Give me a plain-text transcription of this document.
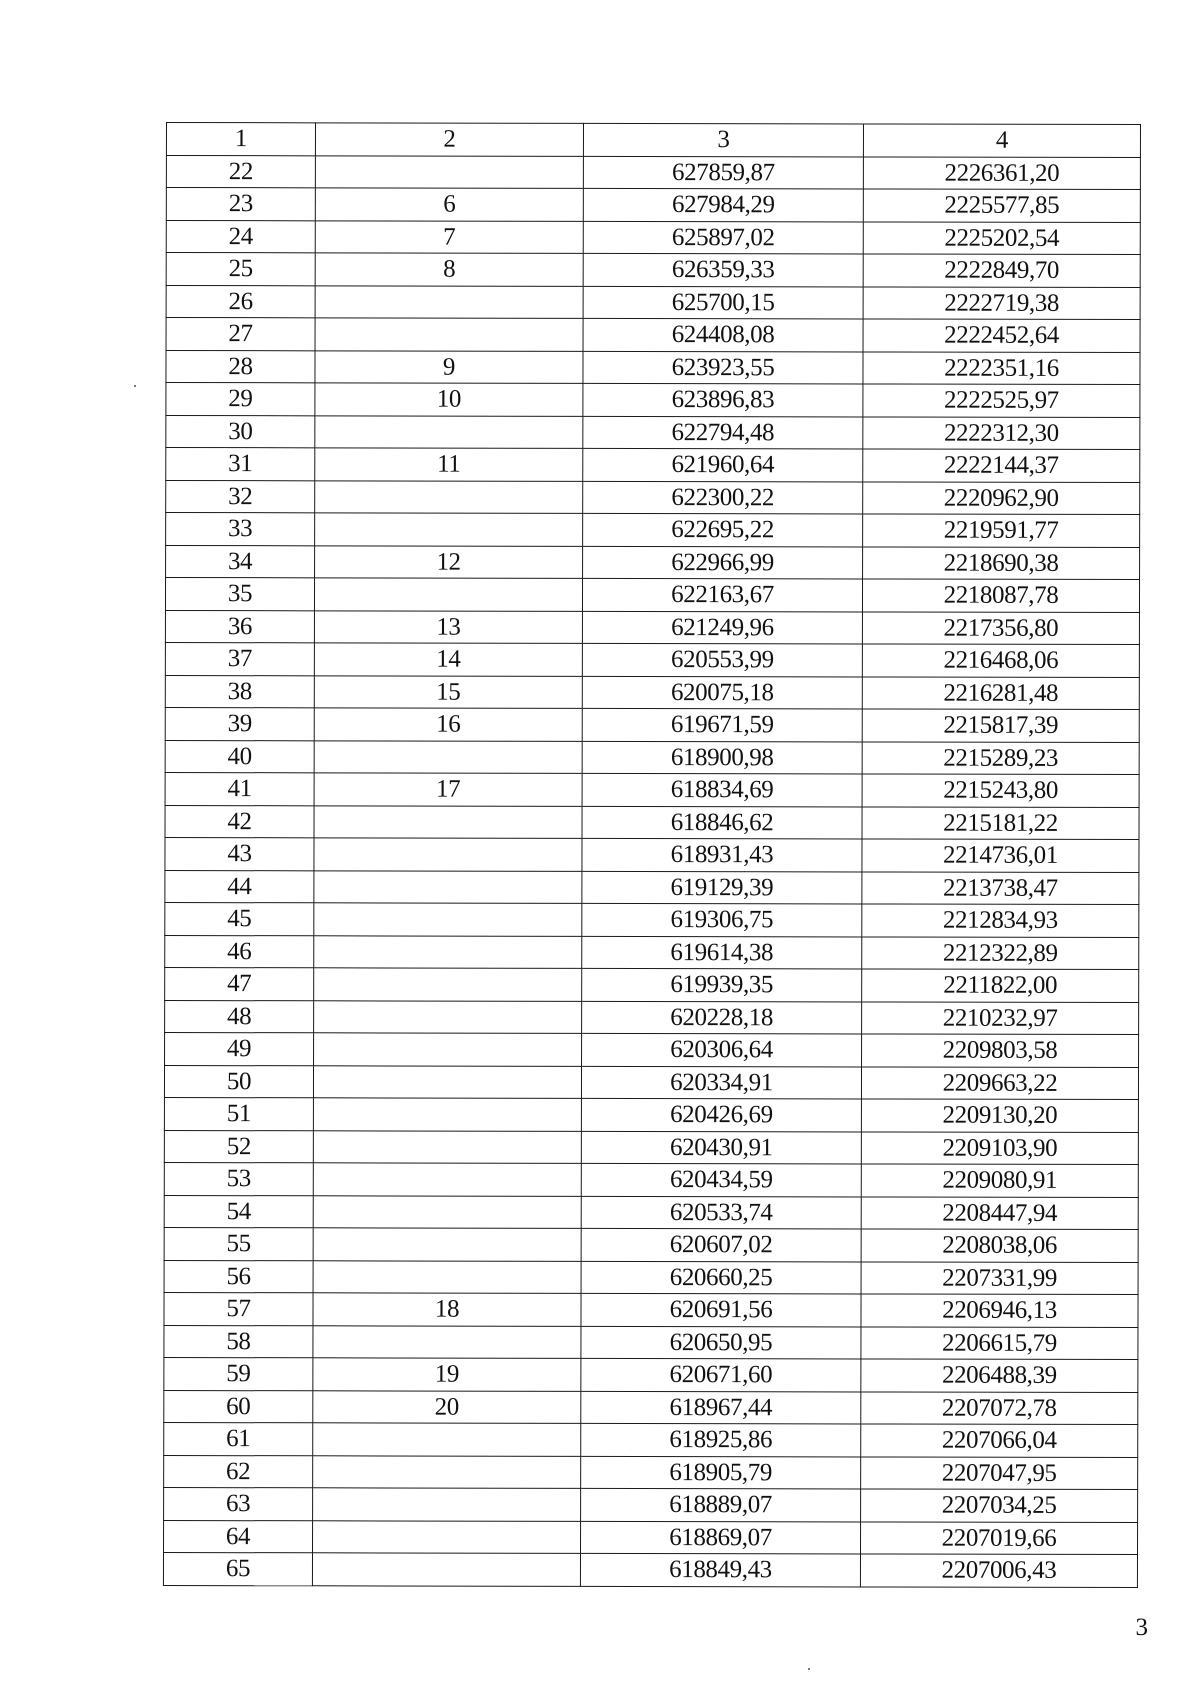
1	2	3	4
22		627859,87	2226361,20
23	6	627984,29	2225577,85
24	7	625897,02	2225202,54
25	8	626359,33	2222849,70
26		625700,15	2222719,38
27		624408,08	2222452,64
28	9	623923,55	2222351,16
29	10	623896,83	2222525,97
30		622794,48	2222312,30
31	11	621960,64	2222144,37
32		622300,22	2220962,90
33		622695,22	2219591,77
34	12	622966,99	2218690,38
35		622163,67	2218087,78
36	13	621249,96	2217356,80
37	14	620553,99	2216468,06
38	15	620075,18	2216281,48
39	16	619671,59	2215817,39
40		618900,98	2215289,23
41	17	618834,69	2215243,80
42		618846,62	2215181,22
43		618931,43	2214736,01
44		619129,39	2213738,47
45		619306,75	2212834,93
46		619614,38	2212322,89
47		619939,35	2211822,00
48		620228,18	2210232,97
49		620306,64	2209803,58
50		620334,91	2209663,22
51		620426,69	2209130,20
52		620430,91	2209103,90
53		620434,59	2209080,91
54		620533,74	2208447,94
55		620607,02	2208038,06
56		620660,25	2207331,99
57	18	620691,56	2206946,13
58		620650,95	2206615,79
59	19	620671,60	2206488,39
60	20	618967,44	2207072,78
61		618925,86	2207066,04
62		618905,79	2207047,95
63		618889,07	2207034,25
64		618869,07	2207019,66
65		618849,43	2207006,43
3
